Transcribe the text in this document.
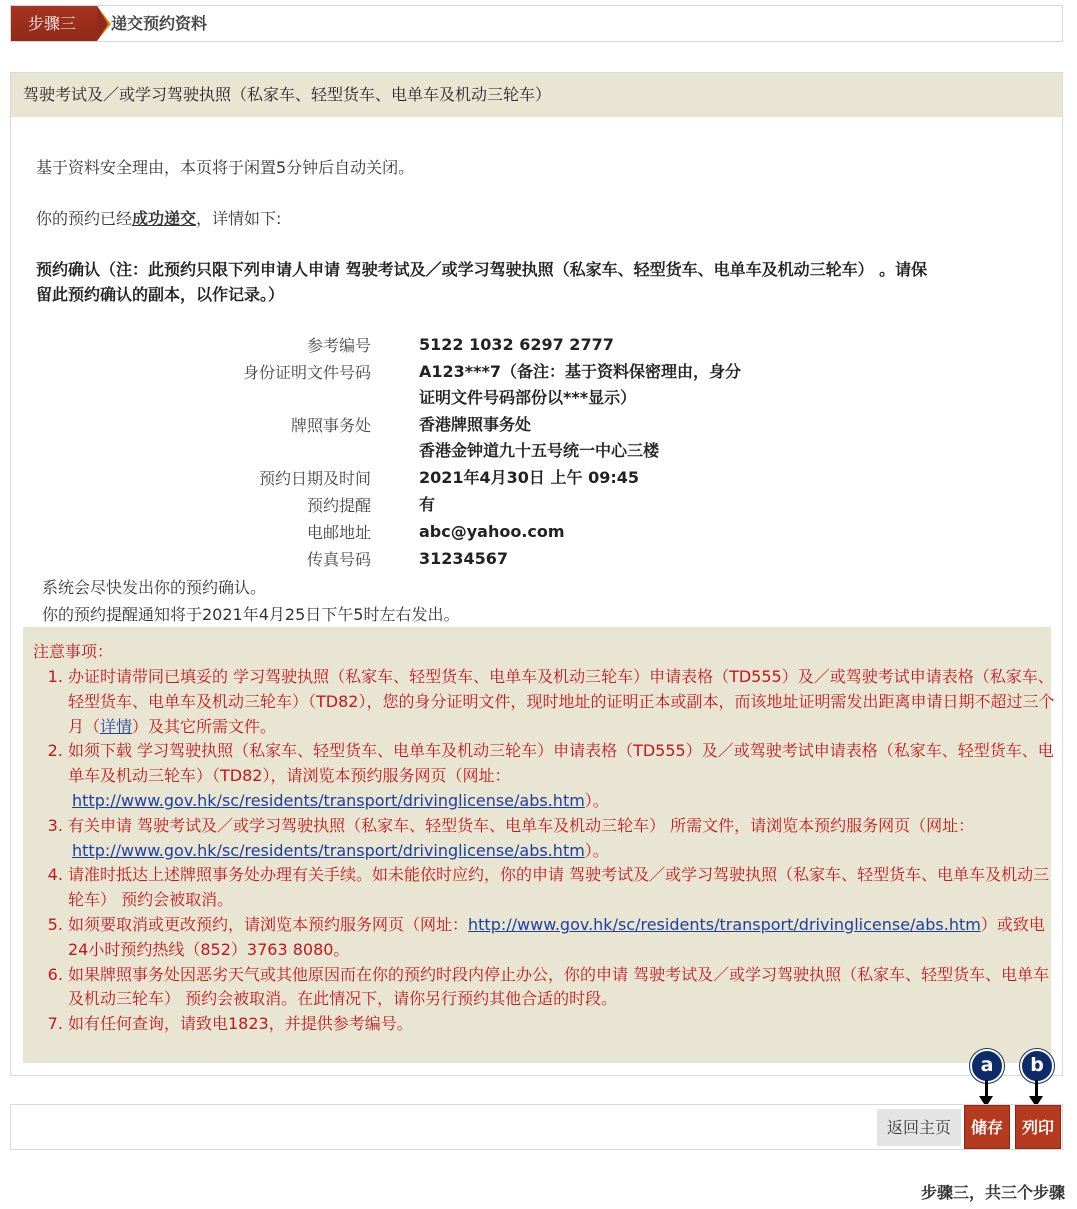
步骤三	递交预约资料
驾驶考试及／或学习驾驶执照（私家车、轻型货车、电单车及机动三轮车）
基于资料安全理由，本页将于闲置5分钟后自动关闭。
你的预约已经成功递交，详情如下:
预约确认（注：此预约只限下列申请人申请 驾驶考试及／或学习驾驶执照（私家车、轻型货车、电单车及机动三轮车） 。请保
留此预约确认的副本，以作记录。）
参考编号	5122 1032 6297 2777
身份证明文件号码	A123***7（备注：基于资料保密理由，身分
证明文件号码部份以***显示）
牌照事务处	香港牌照事务处
香港金钟道九十五号统一中心三楼
预约日期及时间	2021年4月30日 上午 09:45
预约提醒	有
电邮地址	abc@yahoo.com
传真号码	31234567
系统会尽快发出你的预约确认。
你的预约提醒通知将于2021年4月25日下午5时左右发出。
注意事项：
1. 办证时请带同已填妥的 学习驾驶执照（私家车、轻型货车、电单车及机动三轮车）申请表格（TD555）及／或驾驶考试申请表格（私家车、轻型货车、电单车及机动三轮车）（TD82），您的身分证明文件，现时地址的证明正本或副本，而该地址证明需发出距离申请日期不超过三个月（详情）及其它所需文件。
2. 如须下载 学习驾驶执照（私家车、轻型货车、电单车及机动三轮车）申请表格（TD555）及／或驾驶考试申请表格（私家车、轻型货车、电单车及机动三轮车）（TD82），请浏览本预约服务网页（网址：
http://www.gov.hk/sc/residents/transport/drivinglicense/abs.htm）。
3. 有关申请 驾驶考试及／或学习驾驶执照（私家车、轻型货车、电单车及机动三轮车） 所需文件，请浏览本预约服务网页（网址：
http://www.gov.hk/sc/residents/transport/drivinglicense/abs.htm）。
4. 请准时抵达上述牌照事务处办理有关手续。如未能依时应约，你的申请 驾驶考试及／或学习驾驶执照（私家车、轻型货车、电单车及机动三轮车） 预约会被取消。
5. 如须要取消或更改预约，请浏览本预约服务网页（网址：http://www.gov.hk/sc/residents/transport/drivinglicense/abs.htm）或致电24小时预约热线（852）3763 8080。
6. 如果牌照事务处因恶劣天气或其他原因而在你的预约时段内停止办公，你的申请 驾驶考试及／或学习驾驶执照（私家车、轻型货车、电单车及机动三轮车） 预约会被取消。在此情况下，请你另行预约其他合适的时段。
7. 如有任何查询，请致电1823，并提供参考编号。
a	b
返回主页	储存	列印
步骤三，共三个步骤
